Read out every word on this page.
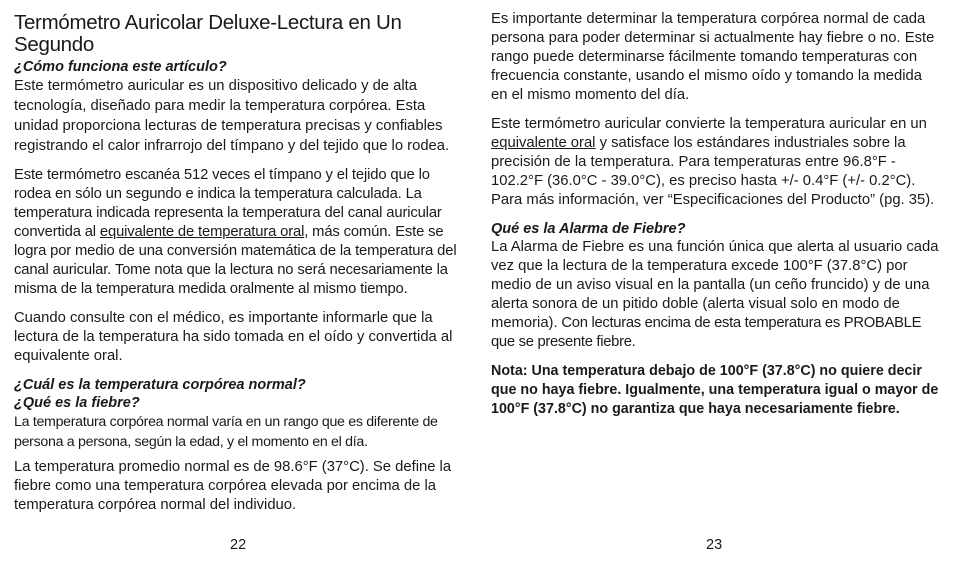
Termómetro Auricolar Deluxe-Lectura en Un Segundo
¿Cómo funciona este artículo?

Este termómetro auricular es un dispositivo delicado y de alta tecnología, diseñado para medir la temperatura corpórea. Esta unidad proporciona lecturas de temperatura precisas y confiables registrando el calor infrarrojo del tímpano y del tejido que lo rodea.

Este termómetro escanéa 512 veces el tímpano y el tejido que lo rodea en sólo un segundo e indica la temperatura calculada. La temperatura indicada representa la temperatura del canal auricular convertida al equivalente de temperatura oral, más común. Este se logra por medio de una conversión matemática de la temperatura del canal auricular. Tome nota que la lectura no será necesariamente la misma de la temperatura medida oralmente al mismo tiempo.

Cuando consulte con el médico, es importante informarle que la lectura de la temperatura ha sido tomada en el oído y convertida al equivalente oral.

¿Cuál es la temperatura corpórea normal?
¿Qué es la fiebre?

La temperatura corpórea normal varía en un rango que es diferente de persona a persona, según la edad, y el momento en el día.

La temperatura promedio normal es de 98.6°F (37°C). Se define la fiebre como una temperatura corpórea elevada por encima de la temperatura corpórea normal del individuo.

22

Es importante determinar la temperatura corpórea normal de cada persona para poder determinar si actualmente hay fiebre o no. Este rango puede determinarse fácilmente tomando temperaturas con frecuencia constante, usando el mismo oído y tomando la medida en el mismo momento del día.

Este termómetro auricular convierte la temperatura auricular en un equivalente oral y satisface los estándares industriales sobre la precisión de la temperatura. Para temperaturas entre 96.8°F - 102.2°F (36.0°C - 39.0°C), es preciso hasta +/- 0.4°F (+/- 0.2°C). Para más información, ver “Especificaciones del Producto” (pg. 35).

Qué es la Alarma de Fiebre?

La Alarma de Fiebre es una función única que alerta al usuario cada vez que la lectura de la temperatura excede 100°F (37.8°C) por medio de un aviso visual en la pantalla (un ceño fruncido) y de una alerta sonora de un pitido doble (alerta visual solo en modo de memoria). Con lecturas encima de esta temperatura es PROBABLE que se presente fiebre.

Nota: Una temperatura debajo de 100°F (37.8°C) no quiere decir que no haya fiebre. Igualmente, una temperatura igual o mayor de 100°F (37.8°C) no garantiza que haya necesariamente fiebre.

23
